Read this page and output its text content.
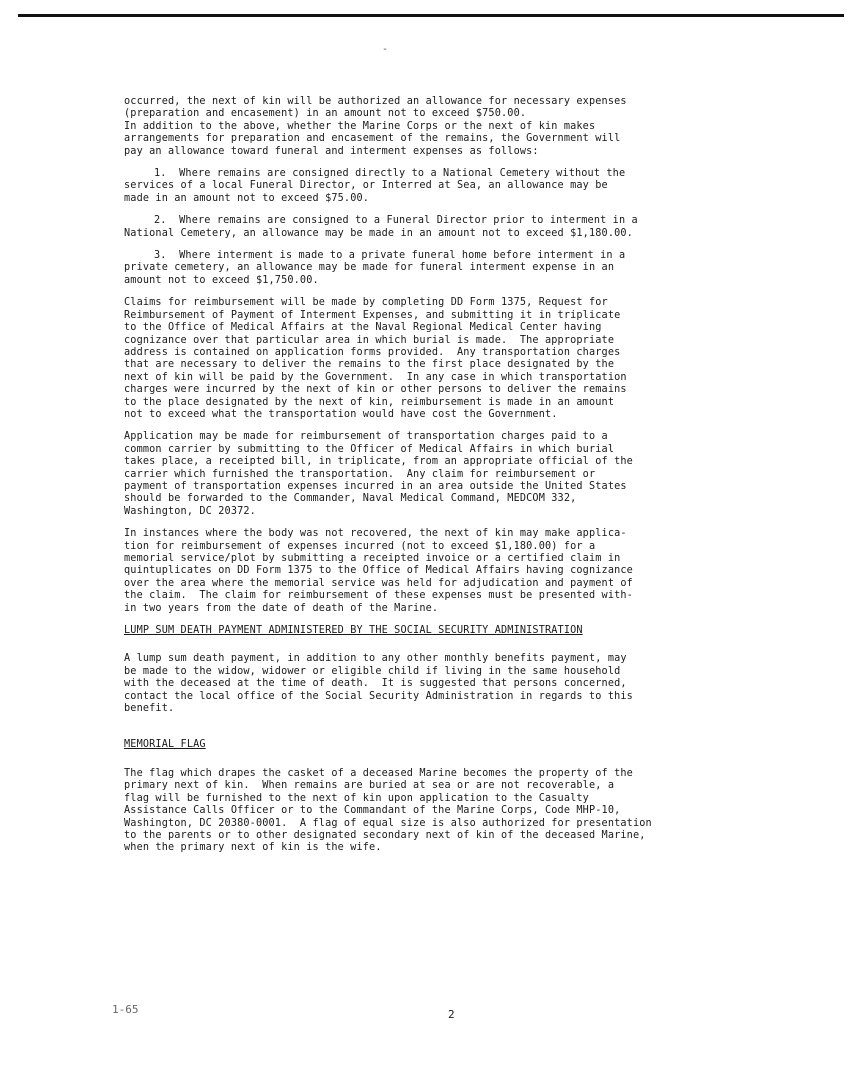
-
occurred, the next of kin will be authorized an allowance for necessary expenses
(preparation and encasement) in an amount not to exceed $750.00.
In addition to the above, whether the Marine Corps or the next of kin makes
arrangements for preparation and encasement of the remains, the Government will
pay an allowance toward funeral and interment expenses as follows:
1.  Where remains are consigned directly to a National Cemetery without the
services of a local Funeral Director, or Interred at Sea, an allowance may be
made in an amount not to exceed $75.00.
2.  Where remains are consigned to a Funeral Director prior to interment in a
National Cemetery, an allowance may be made in an amount not to exceed $1,180.00.
3.  Where interment is made to a private funeral home before interment in a
private cemetery, an allowance may be made for funeral interment expense in an
amount not to exceed $1,750.00.
Claims for reimbursement will be made by completing DD Form 1375, Request for
Reimbursement of Payment of Interment Expenses, and submitting it in triplicate
to the Office of Medical Affairs at the Naval Regional Medical Center having
cognizance over that particular area in which burial is made.  The appropriate
address is contained on application forms provided.  Any transportation charges
that are necessary to deliver the remains to the first place designated by the
next of kin will be paid by the Government.  In any case in which transportation
charges were incurred by the next of kin or other persons to deliver the remains
to the place designated by the next of kin, reimbursement is made in an amount
not to exceed what the transportation would have cost the Government.
Application may be made for reimbursement of transportation charges paid to a
common carrier by submitting to the Officer of Medical Affairs in which burial
takes place, a receipted bill, in triplicate, from an appropriate official of the
carrier which furnished the transportation.  Any claim for reimbursement or
payment of transportation expenses incurred in an area outside the United States
should be forwarded to the Commander, Naval Medical Command, MEDCOM 332,
Washington, DC 20372.
In instances where the body was not recovered, the next of kin may make applica-
tion for reimbursement of expenses incurred (not to exceed $1,180.00) for a
memorial service/plot by submitting a receipted invoice or a certified claim in
quintuplicates on DD Form 1375 to the Office of Medical Affairs having cognizance
over the area where the memorial service was held for adjudication and payment of
the claim.  The claim for reimbursement of these expenses must be presented with-
in two years from the date of death of the Marine.
LUMP SUM DEATH PAYMENT ADMINISTERED BY THE SOCIAL SECURITY ADMINISTRATION
A lump sum death payment, in addition to any other monthly benefits payment, may
be made to the widow, widower or eligible child if living in the same household
with the deceased at the time of death.  It is suggested that persons concerned,
contact the local office of the Social Security Administration in regards to this
benefit.
MEMORIAL FLAG
The flag which drapes the casket of a deceased Marine becomes the property of the
primary next of kin.  When remains are buried at sea or are not recoverable, a
flag will be furnished to the next of kin upon application to the Casualty
Assistance Calls Officer or to the Commandant of the Marine Corps, Code MHP-10,
Washington, DC 20380-0001.  A flag of equal size is also authorized for presentation
to the parents or to other designated secondary next of kin of the deceased Marine,
when the primary next of kin is the wife.
1-65	2
